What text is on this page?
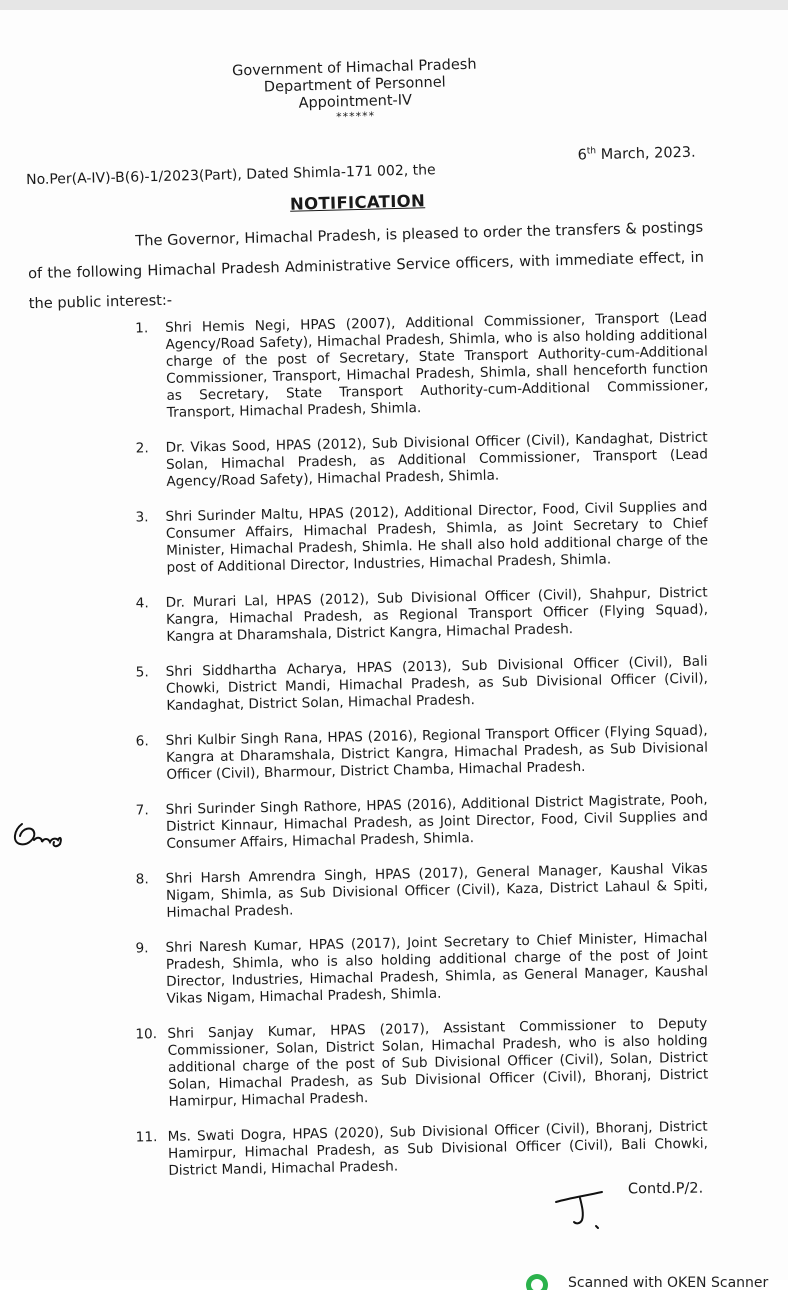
Government of Himachal Pradesh
Department of Personnel
Appointment-IV
******
No.Per(A-IV)-B(6)-1/2023(Part), Dated Shimla-171 002, the
6th March, 2023.
NOTIFICATION
The Governor, Himachal Pradesh, is pleased to order the transfers & postings of the following Himachal Pradesh Administrative Service officers, with immediate effect, in the public interest:-
1. Shri Hemis Negi, HPAS (2007), Additional Commissioner, Transport (Lead Agency/Road Safety), Himachal Pradesh, Shimla, who is also holding additional charge of the post of Secretary, State Transport Authority-cum-Additional Commissioner, Transport, Himachal Pradesh, Shimla, shall henceforth function as Secretary, State Transport Authority-cum-Additional Commissioner, Transport, Himachal Pradesh, Shimla.
2. Dr. Vikas Sood, HPAS (2012), Sub Divisional Officer (Civil), Kandaghat, District Solan, Himachal Pradesh, as Additional Commissioner, Transport (Lead Agency/Road Safety), Himachal Pradesh, Shimla.
3. Shri Surinder Maltu, HPAS (2012), Additional Director, Food, Civil Supplies and Consumer Affairs, Himachal Pradesh, Shimla, as Joint Secretary to Chief Minister, Himachal Pradesh, Shimla. He shall also hold additional charge of the post of Additional Director, Industries, Himachal Pradesh, Shimla.
4. Dr. Murari Lal, HPAS (2012), Sub Divisional Officer (Civil), Shahpur, District Kangra, Himachal Pradesh, as Regional Transport Officer (Flying Squad), Kangra at Dharamshala, District Kangra, Himachal Pradesh.
5. Shri Siddhartha Acharya, HPAS (2013), Sub Divisional Officer (Civil), Bali Chowki, District Mandi, Himachal Pradesh, as Sub Divisional Officer (Civil), Kandaghat, District Solan, Himachal Pradesh.
6. Shri Kulbir Singh Rana, HPAS (2016), Regional Transport Officer (Flying Squad), Kangra at Dharamshala, District Kangra, Himachal Pradesh, as Sub Divisional Officer (Civil), Bharmour, District Chamba, Himachal Pradesh.
7. Shri Surinder Singh Rathore, HPAS (2016), Additional District Magistrate, Pooh, District Kinnaur, Himachal Pradesh, as Joint Director, Food, Civil Supplies and Consumer Affairs, Himachal Pradesh, Shimla.
8. Shri Harsh Amrendra Singh, HPAS (2017), General Manager, Kaushal Vikas Nigam, Shimla, as Sub Divisional Officer (Civil), Kaza, District Lahaul & Spiti, Himachal Pradesh.
9. Shri Naresh Kumar, HPAS (2017), Joint Secretary to Chief Minister, Himachal Pradesh, Shimla, who is also holding additional charge of the post of Joint Director, Industries, Himachal Pradesh, Shimla, as General Manager, Kaushal Vikas Nigam, Himachal Pradesh, Shimla.
10. Shri Sanjay Kumar, HPAS (2017), Assistant Commissioner to Deputy Commissioner, Solan, District Solan, Himachal Pradesh, who is also holding additional charge of the post of Sub Divisional Officer (Civil), Solan, District Solan, Himachal Pradesh, as Sub Divisional Officer (Civil), Bhoranj, District Hamirpur, Himachal Pradesh.
11. Ms. Swati Dogra, HPAS (2020), Sub Divisional Officer (Civil), Bhoranj, District Hamirpur, Himachal Pradesh, as Sub Divisional Officer (Civil), Bali Chowki, District Mandi, Himachal Pradesh.
Contd.P/2.
Scanned with OKEN Scanner
